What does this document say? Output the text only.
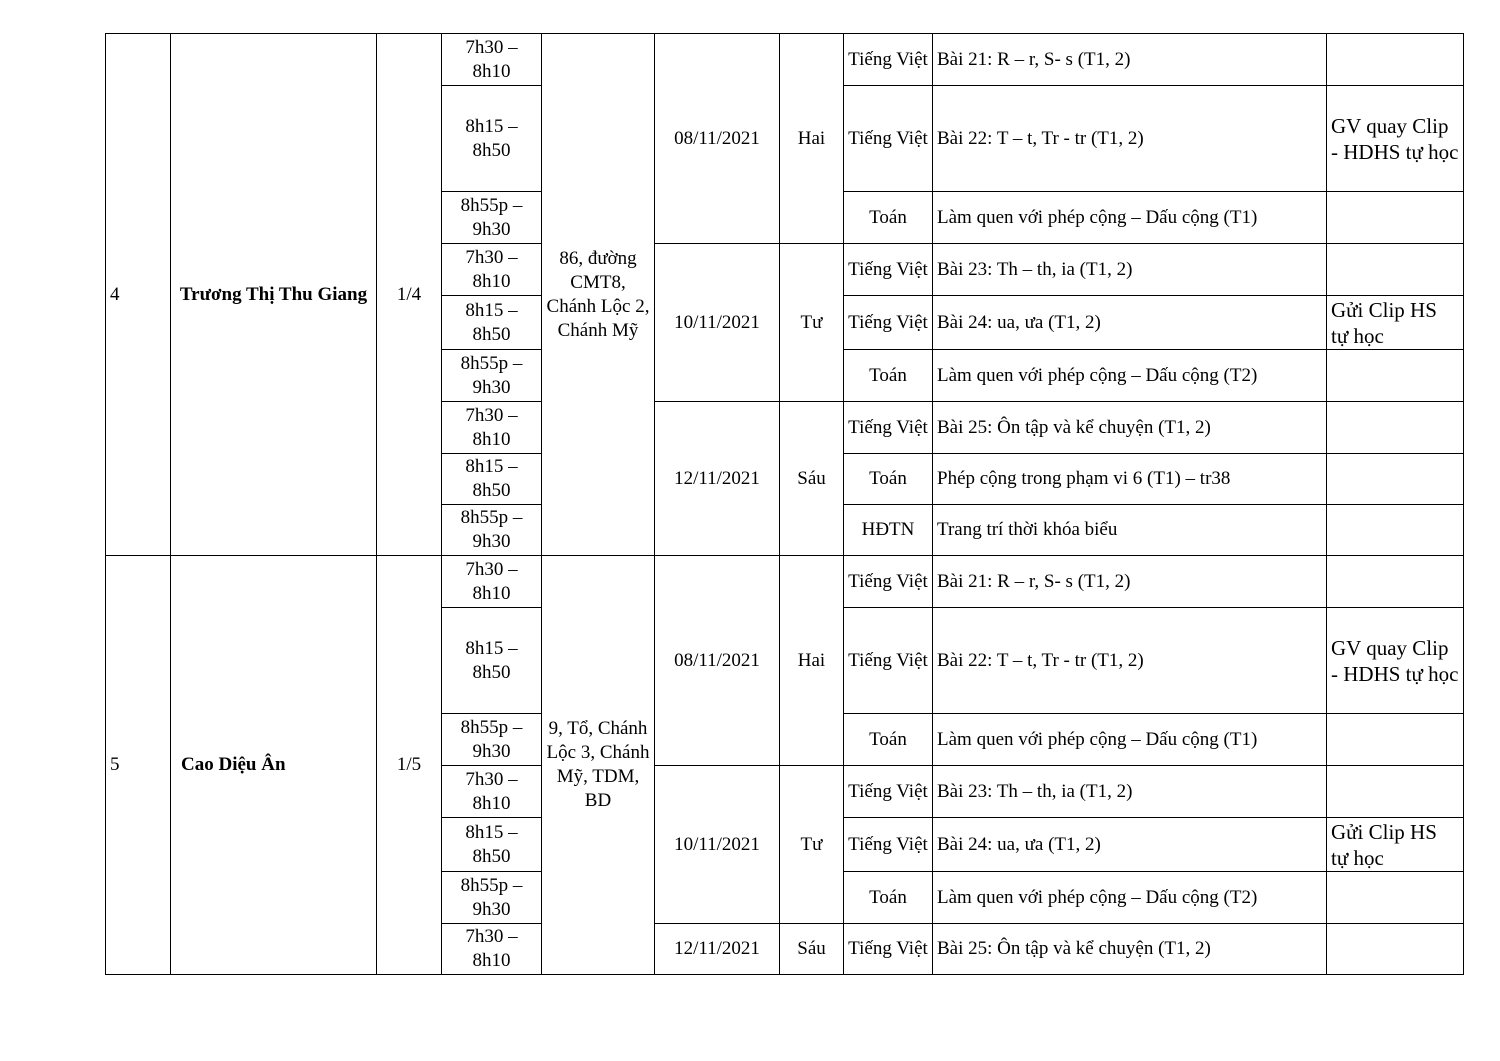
4	Trương Thị Thu Giang	1/4	7h30 – 8h10	86, đường CMT8, Chánh Lộc 2, Chánh Mỹ	08/11/2021	Hai	Tiếng Việt	Bài 21: R – r, S- s (T1, 2)	
			8h15 – 8h50				Tiếng Việt	Bài 22: T – t, Tr - tr (T1, 2)	GV quay Clip - HDHS tự học
			8h55p – 9h30				Toán	Làm quen với phép cộng – Dấu cộng (T1)	
			7h30 – 8h10		10/11/2021	Tư	Tiếng Việt	Bài 23: Th – th, ia (T1, 2)	
			8h15 – 8h50				Tiếng Việt	Bài 24: ua, ưa (T1, 2)	Gửi Clip HS tự học
			8h55p – 9h30				Toán	Làm quen với phép cộng – Dấu cộng (T2)	
			7h30 – 8h10		12/11/2021	Sáu	Tiếng Việt	Bài 25: Ôn tập và kể chuyện (T1, 2)	
			8h15 – 8h50				Toán	Phép cộng trong phạm vi 6 (T1) – tr38	
			8h55p – 9h30				HĐTN	Trang trí thời khóa biểu	
5	Cao Diệu Ân	1/5	7h30 – 8h10	9, Tổ, Chánh Lộc 3, Chánh Mỹ, TDM, BD	08/11/2021	Hai	Tiếng Việt	Bài 21: R – r, S- s (T1, 2)	
			8h15 – 8h50				Tiếng Việt	Bài 22: T – t, Tr - tr (T1, 2)	GV quay Clip - HDHS tự học
			8h55p – 9h30				Toán	Làm quen với phép cộng – Dấu cộng (T1)	
			7h30 – 8h10		10/11/2021	Tư	Tiếng Việt	Bài 23: Th – th, ia (T1, 2)	
			8h15 – 8h50				Tiếng Việt	Bài 24: ua, ưa (T1, 2)	Gửi Clip HS tự học
			8h55p – 9h30				Toán	Làm quen với phép cộng – Dấu cộng (T2)	
			7h30 – 8h10		12/11/2021	Sáu	Tiếng Việt	Bài 25: Ôn tập và kể chuyện (T1, 2)	
